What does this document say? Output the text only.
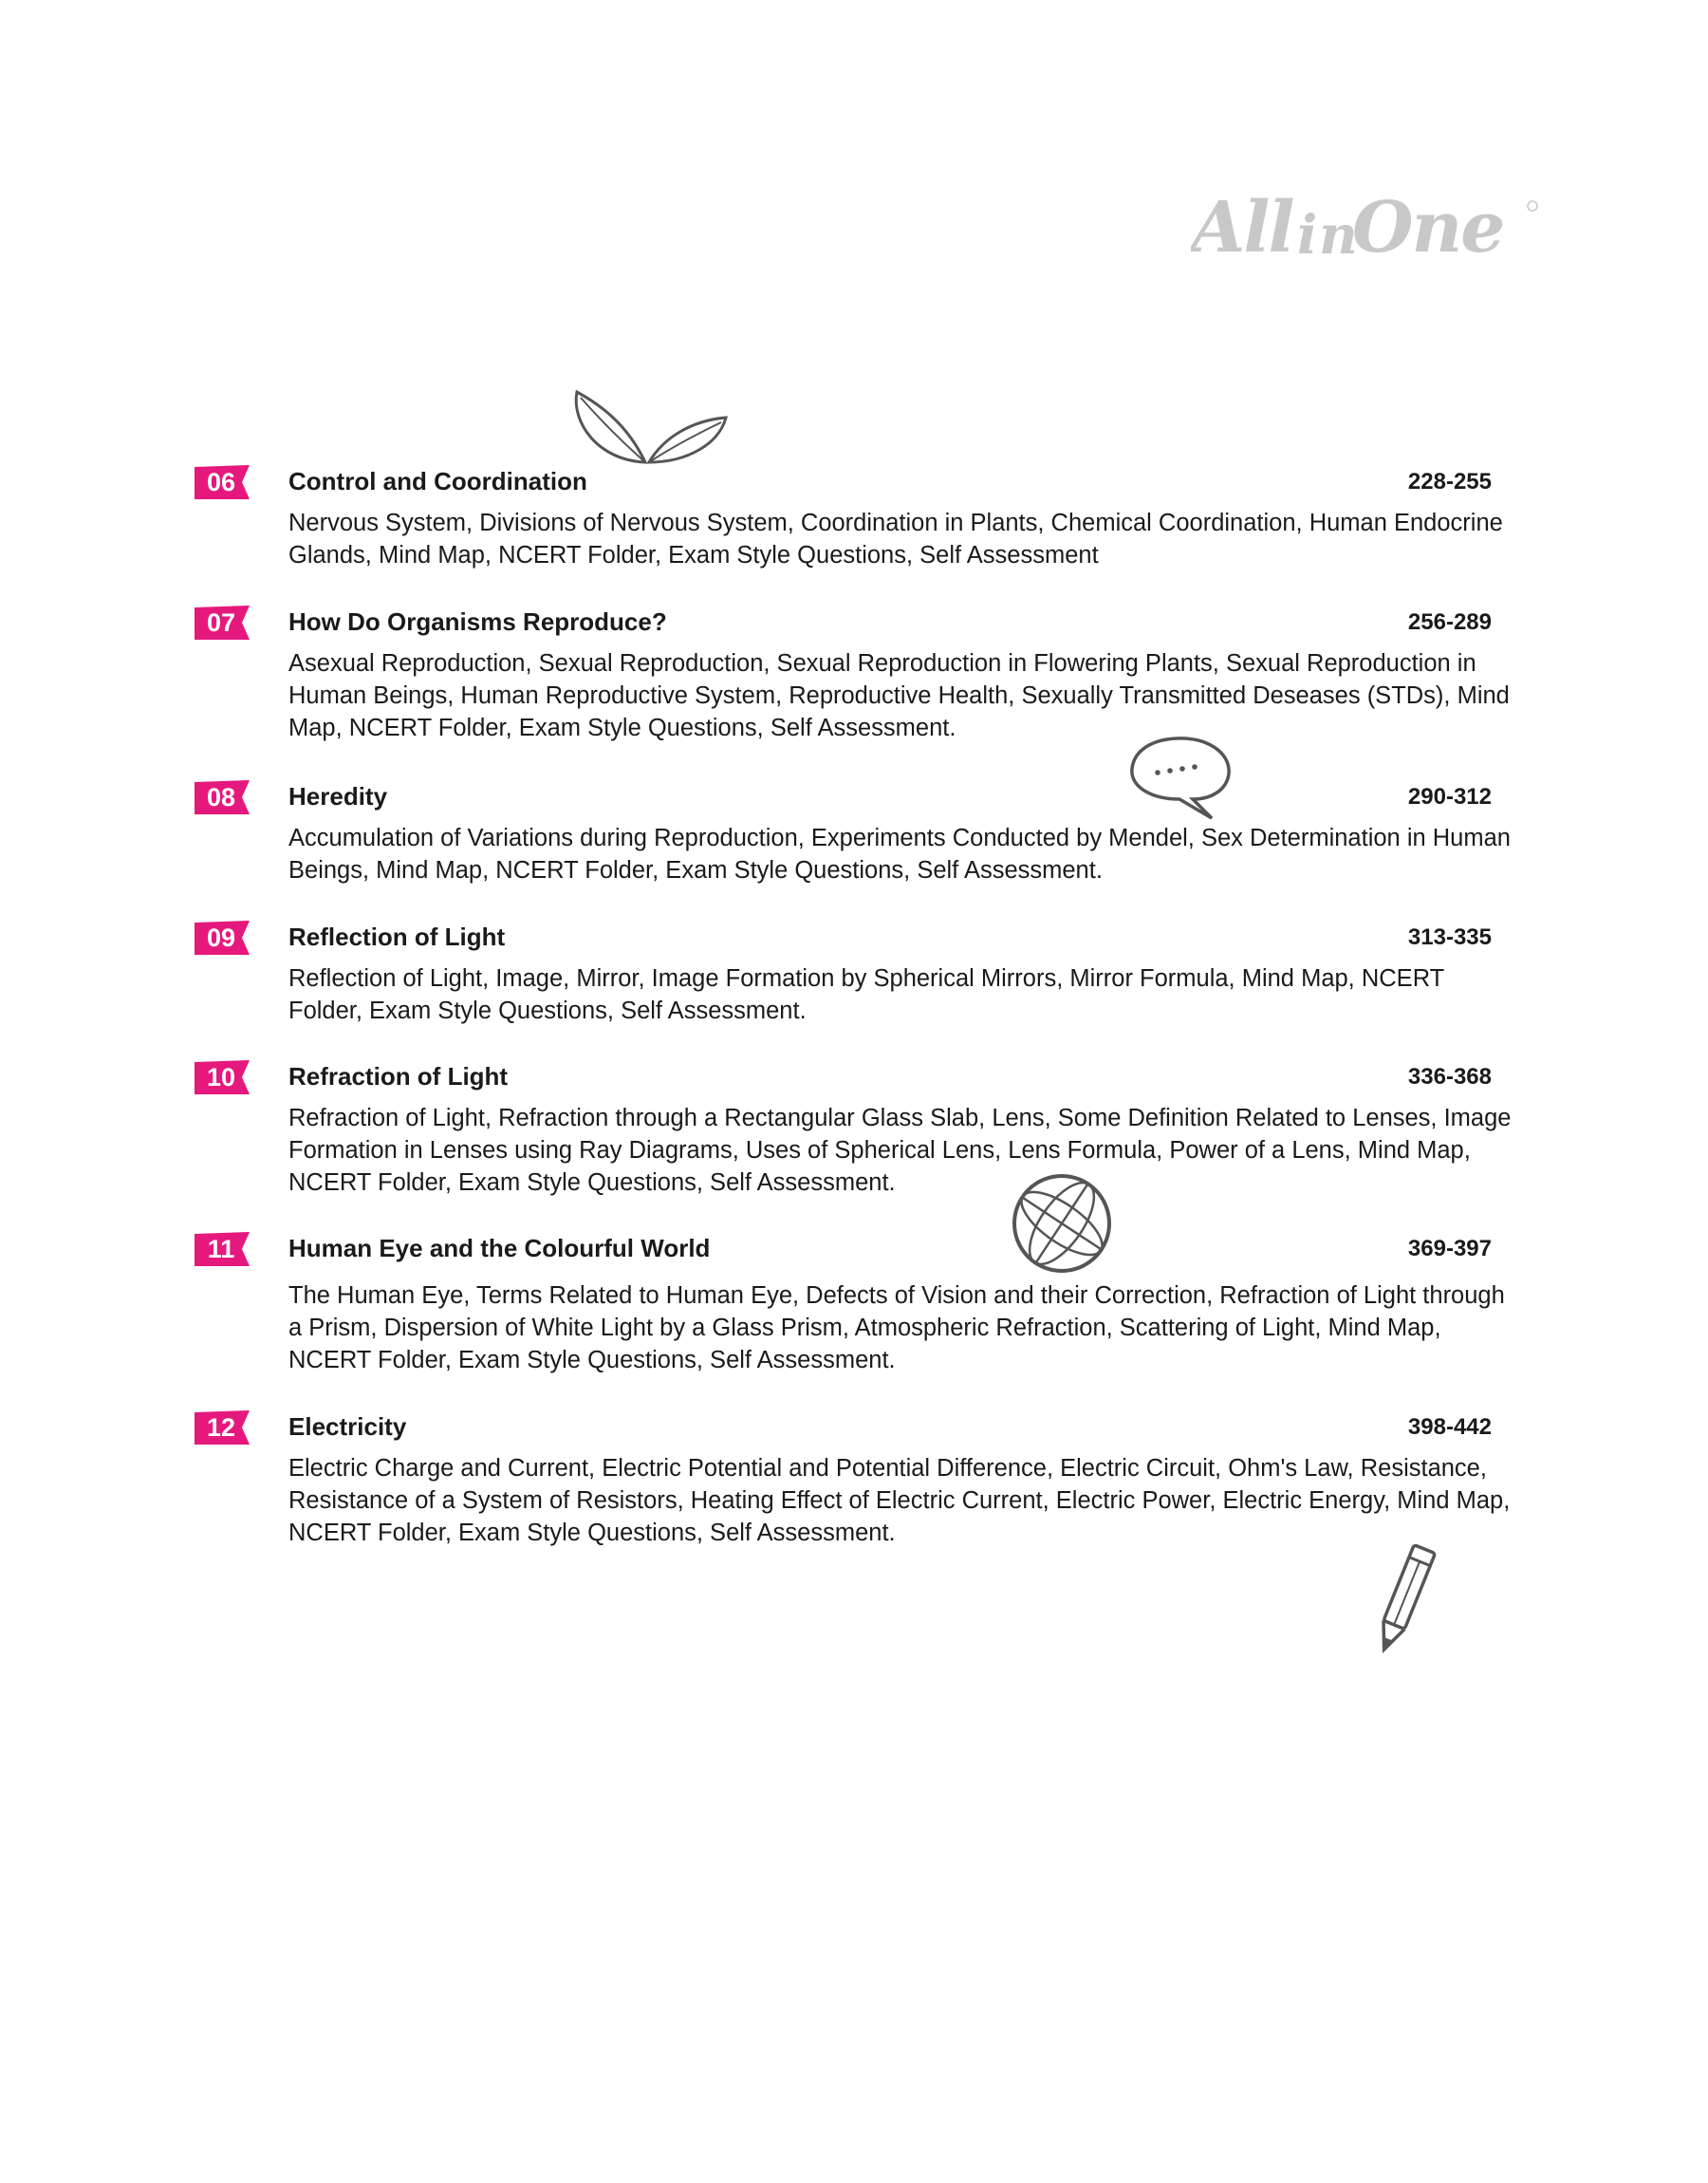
All i n
One
06	Control and Coordination	228-255
Nervous System, Divisions of Nervous System, Coordination in Plants, Chemical Coordination, Human Endocrine Glands, Mind Map, NCERT Folder, Exam Style Questions, Self Assessment
07	How Do Organisms Reproduce?	256-289
Asexual Reproduction, Sexual Reproduction, Sexual Reproduction in Flowering Plants, Sexual Reproduction in Human Beings, Human Reproductive System, Reproductive Health, Sexually Transmitted Deseases (STDs), Mind Map, NCERT Folder, Exam Style Questions, Self Assessment.
08	Heredity	290-312
Accumulation of Variations during Reproduction, Experiments Conducted by Mendel, Sex Determination in Human Beings, Mind Map, NCERT Folder, Exam Style Questions, Self Assessment.
09	Reflection of Light	313-335
Reflection of Light, Image, Mirror, Image Formation by Spherical Mirrors, Mirror Formula, Mind Map, NCERT Folder, Exam Style Questions, Self Assessment.
10	Refraction of Light	336-368
Refraction of Light, Refraction through a Rectangular Glass Slab, Lens, Some Definition Related to Lenses, Image Formation in Lenses using Ray Diagrams, Uses of Spherical Lens, Lens Formula, Power of a Lens, Mind Map, NCERT Folder, Exam Style Questions, Self Assessment.
11	Human Eye and the Colourful World	369-397
The Human Eye, Terms Related to Human Eye, Defects of Vision and their Correction, Refraction of Light through a Prism, Dispersion of White Light by a Glass Prism, Atmospheric Refraction, Scattering of Light, Mind Map, NCERT Folder, Exam Style Questions, Self Assessment.
12	Electricity	398-442
Electric Charge and Current, Electric Potential and Potential Difference, Electric Circuit, Ohm's Law, Resistance, Resistance of a System of Resistors, Heating Effect of Electric Current, Electric Power, Electric Energy, Mind Map, NCERT Folder, Exam Style Questions, Self Assessment.
